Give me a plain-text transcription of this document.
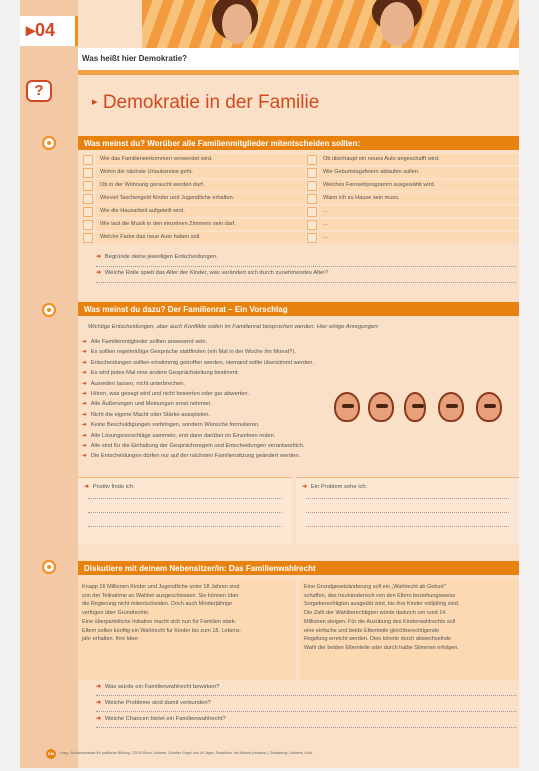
▸04
Was heißt hier Demokratie?
?
▸ Demokratie in der Familie
Was meinst du? Worüber alle Familienmitglieder mitentscheiden sollten:
Wie das Familieneinkommen verwendet wird.	Ob überhaupt ein neues Auto angeschafft wird.
Wohin die nächste Urlaubsreise geht.	Wie Geburtstagsfeiern ablaufen sollen.
Ob in der Wohnung geraucht werden darf.	Welches Fernsehprogramm ausgewählt wird.
Wieviel Taschengeld Kinder und Jugendliche erhalten.	Wann ich zu Hause sein muss.
Wie die Hausarbeit aufgeteilt wird.	...
Wie laut die Musik in den einzelnen Zimmern sein darf.	...
Welche Farbe das neue Auto haben soll.	...
➜ Begründe deine jeweiligen Entscheidungen.
➜ Welche Rolle spielt das Alter der Kinder, was verändert sich durch zunehmendes Alter?
Was meinst du dazu? Der Familienrat – Ein Vorschlag
Wichtige Entscheidungen, aber auch Konflikte sollen im Familienrat besprochen werden. Hier einige Anregungen:
➜ Alle Familienmitglieder sollten anwesend sein.
➜ Es sollten regelmäßige Gespräche stattfinden (ein Mal in der Woche /im Monat?).
➜ Entscheidungen sollten einstimmig getroffen werden, niemand sollte überstimmt werden.
➜ Es wird jedes Mal eine andere Gesprächsleitung bestimmt.
➜ Ausreden lassen, nicht unterbrechen.
➜ Hören, was gesagt wird und nicht bewerten oder gar abwerten.
➜ Alle Äußerungen und Meinungen ernst nehmen.
➜ Nicht die eigene Macht oder Stärke ausspielen.
➜ Keine Beschuldigungen vorbringen, sondern Wünsche formulieren.
➜ Alle Lösungsvorschläge sammeln, erst dann darüber im Einzelnen reden.
➜ Alle sind für die Einhaltung der Gesprächsregeln und Entscheidungen verantwortlich.
➜ Die Entscheidungen dürfen nur auf der nächsten Familiensitzung geändert werden.
➜ Positiv finde ich:	➜ Ein Problem sehe ich:
Diskutiere mit deinem Nebensitzer/in: Das Familienwahlrecht

Knapp 16 Millionen Kinder und Jugendliche unter 18 Jahren sind

von der Teilnahme an Wahlen ausgeschlossen. Sie können über

die Regierung nicht mitentscheiden. Doch auch Minderjährige

verfügen über Grundrechte.

Eine überparteiliche Initiative macht sich nun für Familien stark:

Eltern sollen künftig ein Wahlrecht für Kinder bis zum 18. Lebens-

jahr erhalten. Ihre Idee:

Eine Grundgesetzänderung soll ein „Wahlrecht ab Geburt"

schaffen, das treuhänderisch von den Eltern beziehungsweise

Sorgeberechtigten ausgeübt wird, bis ihre Kinder volljährig sind.

Die Zahl der Wahlberechtigten würde dadurch um rund 14

Millionen steigen. Für die Ausübung des Kinderwahlrechts soll

eine einfache und beide Elternteile gleichberechtigende

Regelung erreicht werden. Dies könnte durch abwechselnde

Wahl der beiden Elternteile oder durch halbe Stimmen erfolgen.

➜ Was würde ein Familienwahlrecht bewirken?
➜ Welche Probleme sind damit verbunden?
➜ Welche Chancen bietet ein Familienwahlrecht?
DM	Hrsg.: Bundeszentrale für politische Bildung, ©2010 Bonn. Autoren: Günther Gugel und Uli Jäger. Redaktion: Iris Möckel (verantw.). Gestaltung: Leitwerk, Köln.
